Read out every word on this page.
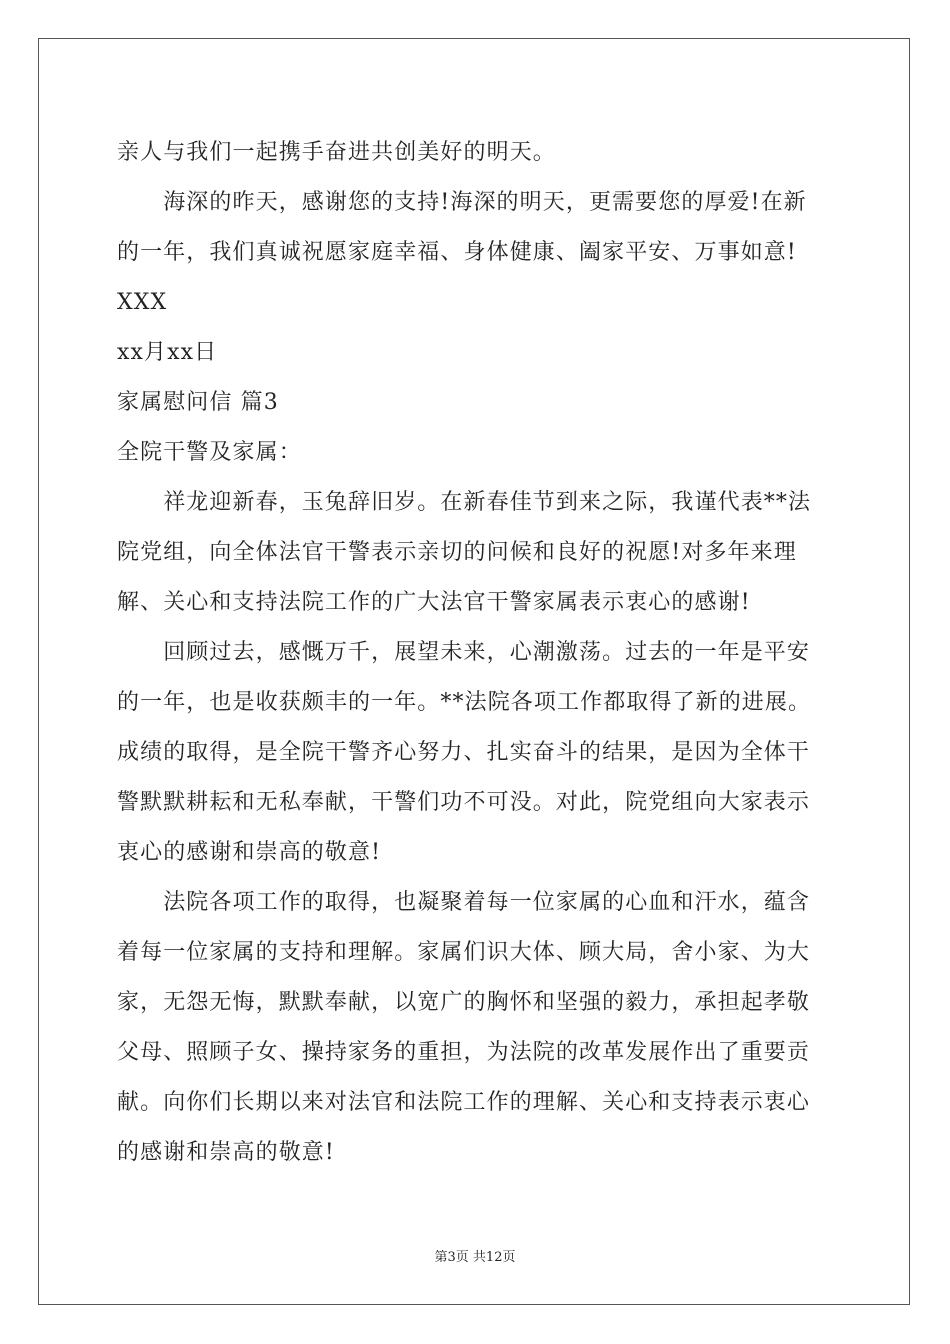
亲人与我们一起携手奋进共创美好的明天。
　　海深的昨天，感谢您的支持!海深的明天，更需要您的厚爱!在新
的一年，我们真诚祝愿家庭幸福、身体健康、阖家平安、万事如意!
XXX
xx月xx日
家属慰问信 篇3
全院干警及家属：
　　祥龙迎新春，玉兔辞旧岁。在新春佳节到来之际，我谨代表**法
院党组，向全体法官干警表示亲切的问候和良好的祝愿!对多年来理
解、关心和支持法院工作的广大法官干警家属表示衷心的感谢!
　　回顾过去，感慨万千，展望未来，心潮激荡。过去的一年是平安
的一年，也是收获颇丰的一年。**法院各项工作都取得了新的进展。
成绩的取得，是全院干警齐心努力、扎实奋斗的结果，是因为全体干
警默默耕耘和无私奉献，干警们功不可没。对此，院党组向大家表示
衷心的感谢和崇高的敬意!
　　法院各项工作的取得，也凝聚着每一位家属的心血和汗水，蕴含
着每一位家属的支持和理解。家属们识大体、顾大局，舍小家、为大
家，无怨无悔，默默奉献，以宽广的胸怀和坚强的毅力，承担起孝敬
父母、照顾子女、操持家务的重担，为法院的改革发展作出了重要贡
献。向你们长期以来对法官和法院工作的理解、关心和支持表示衷心
的感谢和崇高的敬意!
第3页 共12页
